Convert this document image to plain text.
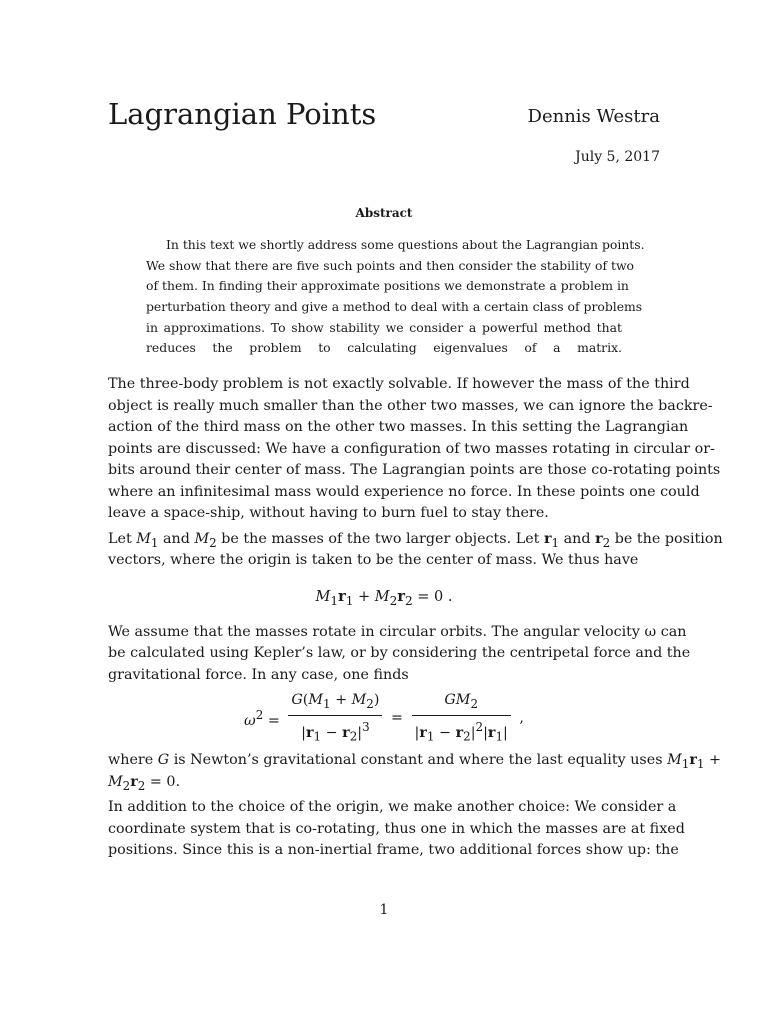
Lagrangian Points	Dennis Westra
July 5, 2017
Abstract
In this text we shortly address some questions about the Lagrangian points.
We show that there are five such points and then consider the stability of two
of them. In finding their approximate positions we demonstrate a problem in
perturbation theory and give a method to deal with a certain class of problems
in approximations. To show stability we consider a powerful method that
reduces the problem to calculating eigenvalues of a matrix.
The three-body problem is not exactly solvable. If however the mass of the third
object is really much smaller than the other two masses, we can ignore the backre-
action of the third mass on the other two masses. In this setting the Lagrangian
points are discussed: We have a configuration of two masses rotating in circular or-
bits around their center of mass. The Lagrangian points are those co-rotating points
where an infinitesimal mass would experience no force. In these points one could
leave a space-ship, without having to burn fuel to stay there.
Let $M_1$ and $M_2$ be the masses of the two larger objects. Let $r_1$ and $r_2$ be the position
vectors, where the origin is taken to be the center of mass. We thus have
$M_1r_1 + M_2r_2 = 0$ .
We assume that the masses rotate in circular orbits. The angular velocity ω can
be calculated using Kepler’s law, or by considering the centripetal force and the
gravitational force. In any case, one finds
$\omega^2 = \frac{G(M_1 + M_2)}{|r_1 - r_2|^3} = \frac{GM_2}{|r_1 - r_2|^2|r_1|}$ ,
where G is Newton’s gravitational constant and where the last equality uses $M_1r_1$ +
$M_2r_2 = 0$.
In addition to the choice of the origin, we make another choice: We consider a
coordinate system that is co-rotating, thus one in which the masses are at fixed
positions. Since this is a non-inertial frame, two additional forces show up: the
1
